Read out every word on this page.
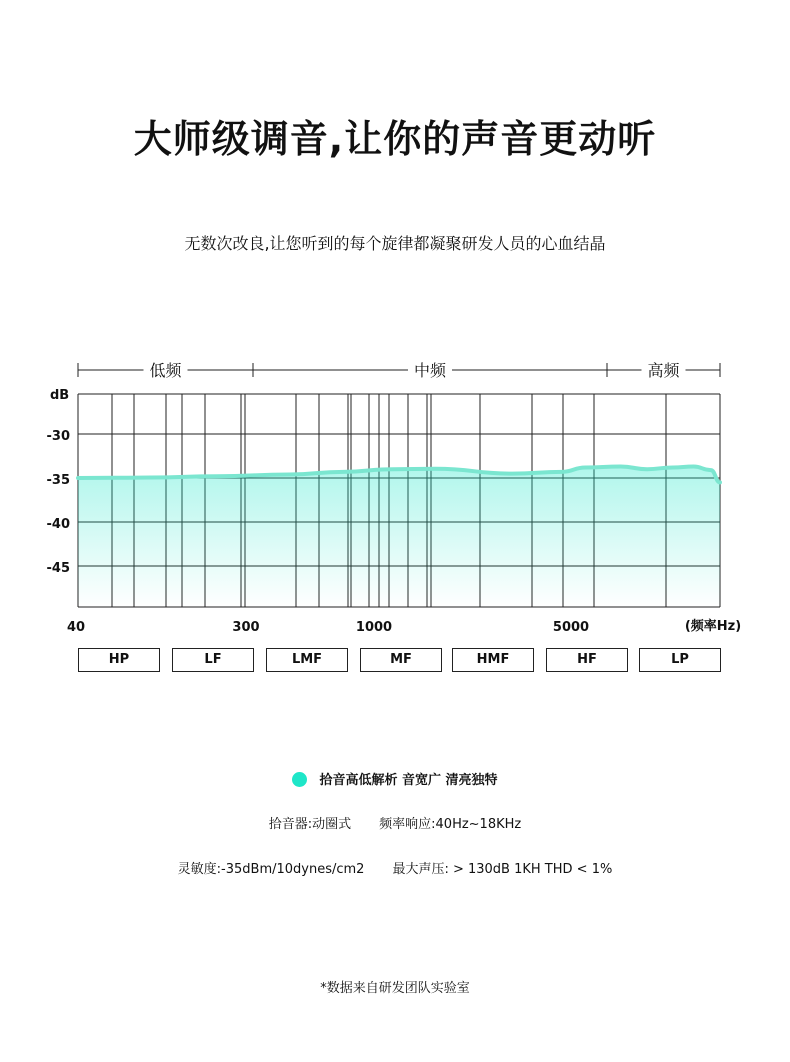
大师级调音,让你的声音更动听
无数次改良,让您听到的每个旋律都凝聚研发人员的心血结晶
低频	中频	高频
dB
-30
-35
-40
-45
40	300	1000	5000	(频率Hz)
HP	LF	LMF	MF	HMF	HF	LP
拾音高低解析 音宽广 清亮独特
拾音器:动圈式 频率响应:40Hz~18KHz
灵敏度:-35dBm/10dynes/cm2 最大声压: > 130dB 1KH THD < 1%
*数据来自研发团队实验室
